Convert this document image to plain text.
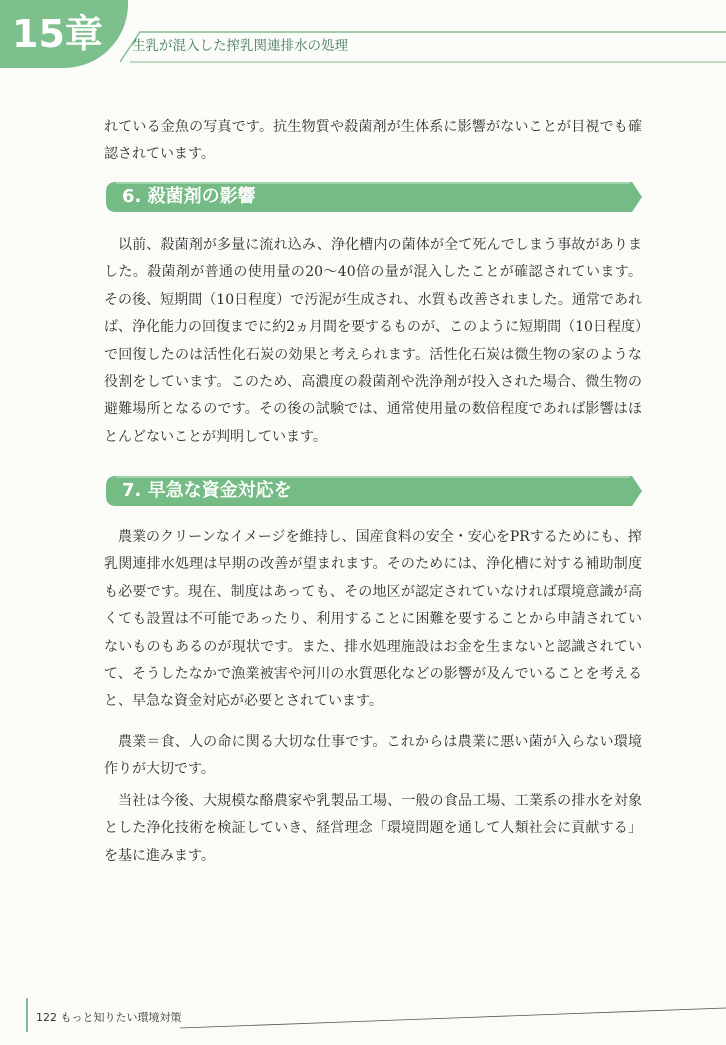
15章 生乳が混入した搾乳関連排水の処理

れている金魚の写真です。抗生物質や殺菌剤が生体系に影響がないことが目視でも確認されています。

6. 殺菌剤の影響

以前、殺菌剤が多量に流れ込み、浄化槽内の菌体が全て死んでしまう事故がありました。殺菌剤が普通の使用量の20〜40倍の量が混入したことが確認されています。その後、短期間（10日程度）で汚泥が生成され、水質も改善されました。通常であれば、浄化能力の回復までに約2ヵ月間を要するものが、このように短期間（10日程度）で回復したのは活性化石炭の効果と考えられます。活性化石炭は微生物の家のような役割をしています。このため、高濃度の殺菌剤や洗浄剤が投入された場合、微生物の避難場所となるのです。その後の試験では、通常使用量の数倍程度であれば影響はほとんどないことが判明しています。

7. 早急な資金対応を

農業のクリーンなイメージを維持し、国産食料の安全・安心をPRするためにも、搾乳関連排水処理は早期の改善が望まれます。そのためには、浄化槽に対する補助制度も必要です。現在、制度はあっても、その地区が認定されていなければ環境意識が高くても設置は不可能であったり、利用することに困難を要することから申請されていないものもあるのが現状です。また、排水処理施設はお金を生まないと認識されていて、そうしたなかで漁業被害や河川の水質悪化などの影響が及んでいることを考えると、早急な資金対応が必要とされています。

農業＝食、人の命に関る大切な仕事です。これからは農業に悪い菌が入らない環境作りが大切です。

当社は今後、大規模な酪農家や乳製品工場、一般の食品工場、工業系の排水を対象とした浄化技術を検証していき、経営理念「環境問題を通して人類社会に貢献する」を基に進みます。

122 もっと知りたい環境対策
